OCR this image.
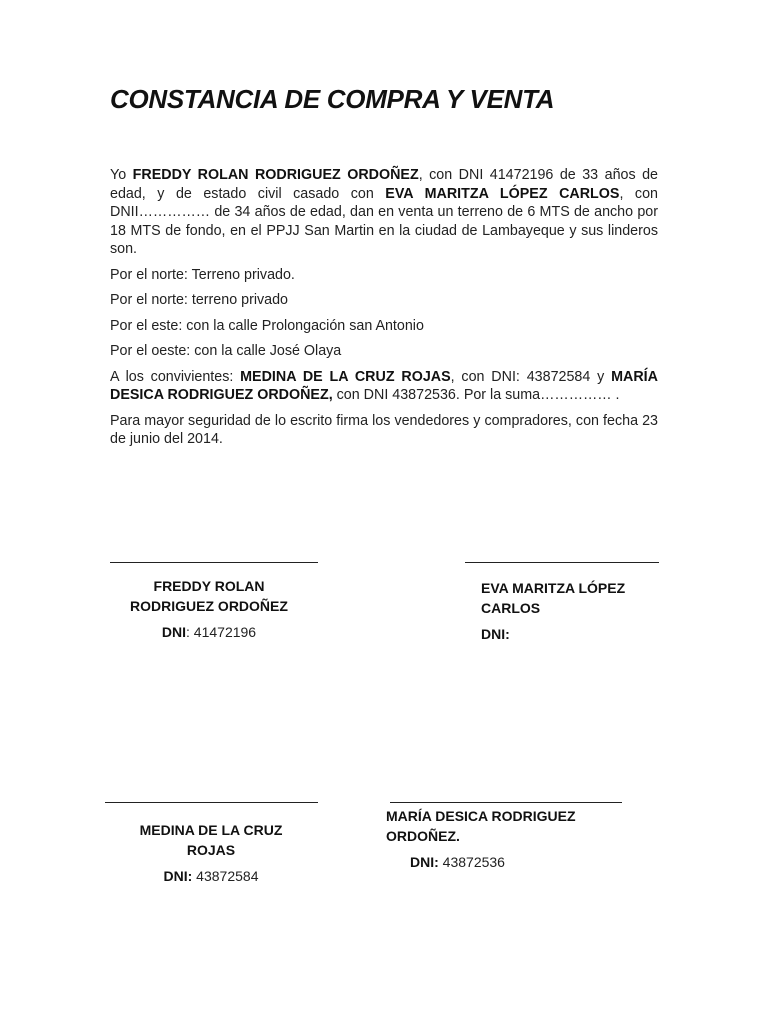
CONSTANCIA DE COMPRA Y VENTA

Yo FREDDY ROLAN RODRIGUEZ ORDOÑEZ, con DNI 41472196 de 33 años de edad, y de estado civil casado con EVA MARITZA LÓPEZ CARLOS, con DNII…………… de 34 años de edad, dan en venta un terreno de 6 MTS de ancho por 18 MTS de fondo, en el PPJJ San Martin en la ciudad de Lambayeque y sus linderos son.

Por el norte: Terreno privado.

Por el norte: terreno privado

Por el este: con la calle Prolongación san Antonio

Por el oeste: con la calle José Olaya

A los convivientes: MEDINA DE LA CRUZ ROJAS, con DNI: 43872584 y MARÍA DESICA RODRIGUEZ ORDOÑEZ, con DNI 43872536. Por la suma…………… .

Para mayor seguridad de lo escrito firma los vendedores y compradores, con fecha 23 de junio del 2014.

FREDDY ROLAN
RODRIGUEZ ORDOÑEZ
DNI: 41472196
EVA MARITZA LÓPEZ
CARLOS
DNI:
MEDINA DE LA CRUZ
ROJAS
DNI: 43872584
MARÍA DESICA RODRIGUEZ
ORDOÑEZ.
DNI: 43872536
